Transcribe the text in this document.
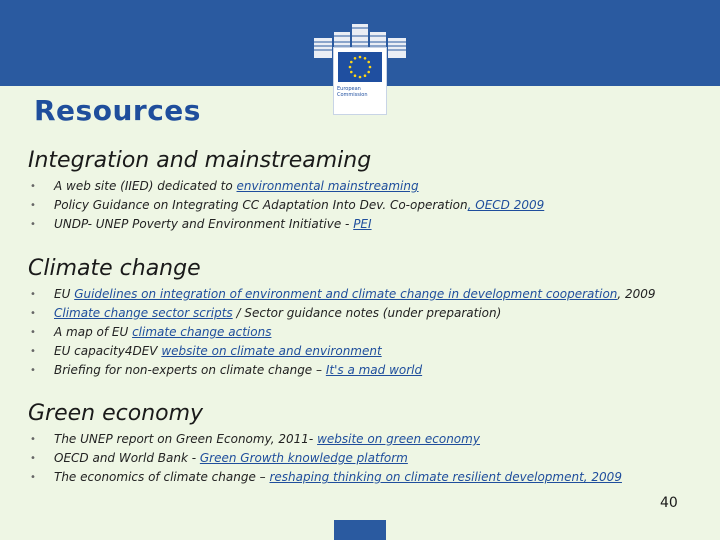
European
Commission
Resources
Integration and mainstreaming
• A web site (IIED) dedicated to environmental mainstreaming
• Policy Guidance on Integrating CC Adaptation Into Dev. Co-operation, OECD 2009
• UNDP- UNEP Poverty and Environment Initiative - PEI
Climate change
• EU Guidelines on integration of environment and climate change in development cooperation, 2009
• Climate change sector scripts / Sector guidance notes (under preparation)
• A map of EU climate change actions
• EU capacity4DEV website on climate and environment
• Briefing for non-experts on climate change – It's a mad world
Green economy
• The UNEP report on Green Economy, 2011- website on green economy
• OECD and World Bank - Green Growth knowledge platform
• The economics of climate change – reshaping thinking on climate resilient development, 2009
40
